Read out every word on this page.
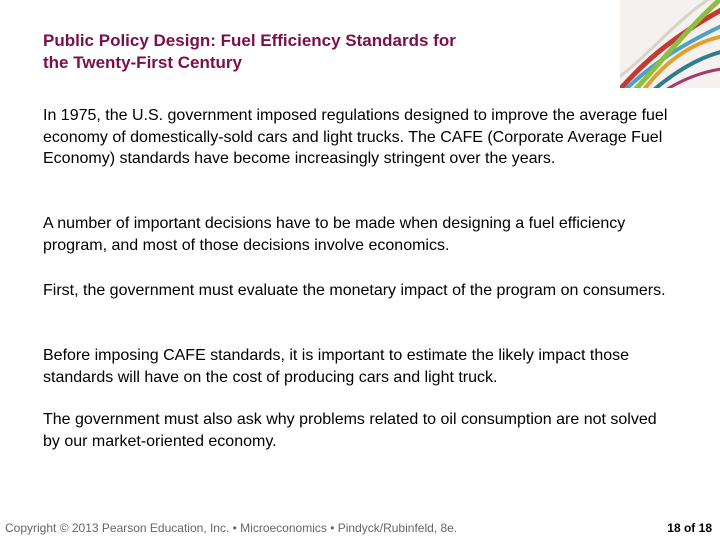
Public Policy Design: Fuel Efficiency Standards for
the Twenty-First Century

In 1975, the U.S. government imposed regulations designed to improve the average fuel economy of domestically-sold cars and light trucks. The CAFE (Corporate Average Fuel Economy) standards have become increasingly stringent over the years.

A number of important decisions have to be made when designing a fuel efficiency program, and most of those decisions involve economics.

First, the government must evaluate the monetary impact of the program on consumers.

Before imposing CAFE standards, it is important to estimate the likely impact those standards will have on the cost of producing cars and light truck.

The government must also ask why problems related to oil consumption are not solved by our market-oriented economy.

Copyright © 2013 Pearson Education, Inc. • Microeconomics • Pindyck/Rubinfeld, 8e.	18 of 18
